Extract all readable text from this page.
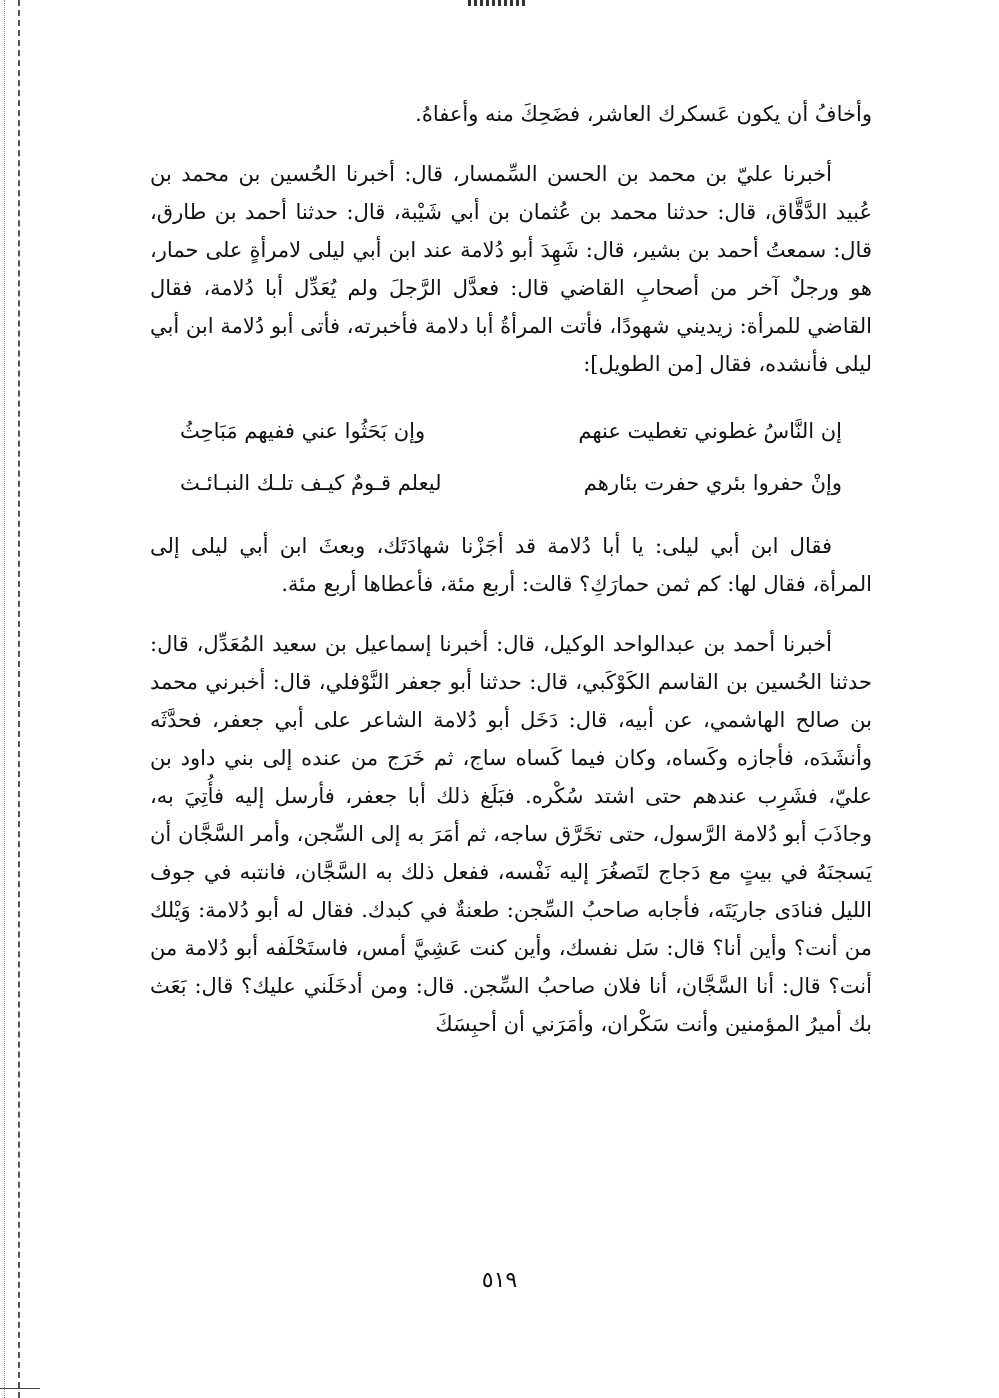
وأخافُ أن يكون عَسكرك العاشر، فضَحِكَ منه وأعفاهُ.

أخبرنا عليّ بن محمد بن الحسن السِّمسار، قال: أخبرنا الحُسين بن محمد بن عُبيد الدَّقَّاق، قال: حدثنا محمد بن عُثمان بن أبي شَيْبة، قال: حدثنا أحمد بن طارق، قال: سمعتُ أحمد بن بشير، قال: شَهِدَ أبو دُلامة عند ابن أبي ليلى لامرأةٍ على حمار، هو ورجلٌ آخر من أصحابِ القاضي قال: فعدَّل الرَّجلَ ولم يُعَدِّل أبا دُلامة، فقال القاضي للمرأة: زيديني شهودًا، فأتت المرأةُ أبا دلامة فأخبرته، فأتى أبو دُلامة ابن أبي ليلى فأنشده، فقال [من الطويل]:

إن النَّاسُ غطوني تغطيت عنهم
وإن بَحَثُوا عني ففيهم مَبَاحِثُ
وإنْ حفروا بئري حفرت بئارهم
ليعلم قـومٌ كيـف تلـك النبـائـث

فقال ابن أبي ليلى: يا أبا دُلامة قد أجَزْنا شهادَتَك، وبعثَ ابن أبي ليلى إلى المرأة، فقال لها: كم ثمن حمارَكِ؟ قالت: أربع مئة، فأعطاها أربع مئة.

أخبرنا أحمد بن عبدالواحد الوكيل، قال: أخبرنا إسماعيل بن سعيد المُعَدِّل، قال: حدثنا الحُسين بن القاسم الكَوْكَبي، قال: حدثنا أبو جعفر النَّوْفلي، قال: أخبرني محمد بن صالح الهاشمي، عن أبيه، قال: دَخَل أبو دُلامة الشاعر على أبي جعفر، فحدَّثَه وأنشَدَه، فأجازه وكَساه، وكان فيما كَساه ساج، ثم خَرَج من عنده إلى بني داود بن عليّ، فشَرِب عندهم حتى اشتد سُكْره. فبَلَغ ذلك أبا جعفر، فأرسل إليه فأُتِيَ به، وجاذَبَ أبو دُلامة الرَّسول، حتى تخَرَّق ساجه، ثم أمَرَ به إلى السِّجن، وأمر السَّجَّان أن يَسجنَهُ في بيتٍ مع دَجاج لتَصغُرَ إليه نَفْسه، ففعل ذلك به السَّجَّان، فانتبه في جوف الليل فنادَى جاريَتَه، فأجابه صاحبُ السِّجن: طعنةٌ في كبدك. فقال له أبو دُلامة: وَيْلك من أنت؟ وأين أنا؟ قال: سَل نفسك، وأين كنت عَشِيَّ أمس، فاستَحْلَفه أبو دُلامة من أنت؟ قال: أنا السَّجَّان، أنا فلان صاحبُ السِّجن. قال: ومن أدخَلَني عليك؟ قال: بَعَث بك أميرُ المؤمنين وأنت سَكْران، وأمَرَني أن أحبِسَكَ

٥١٩
